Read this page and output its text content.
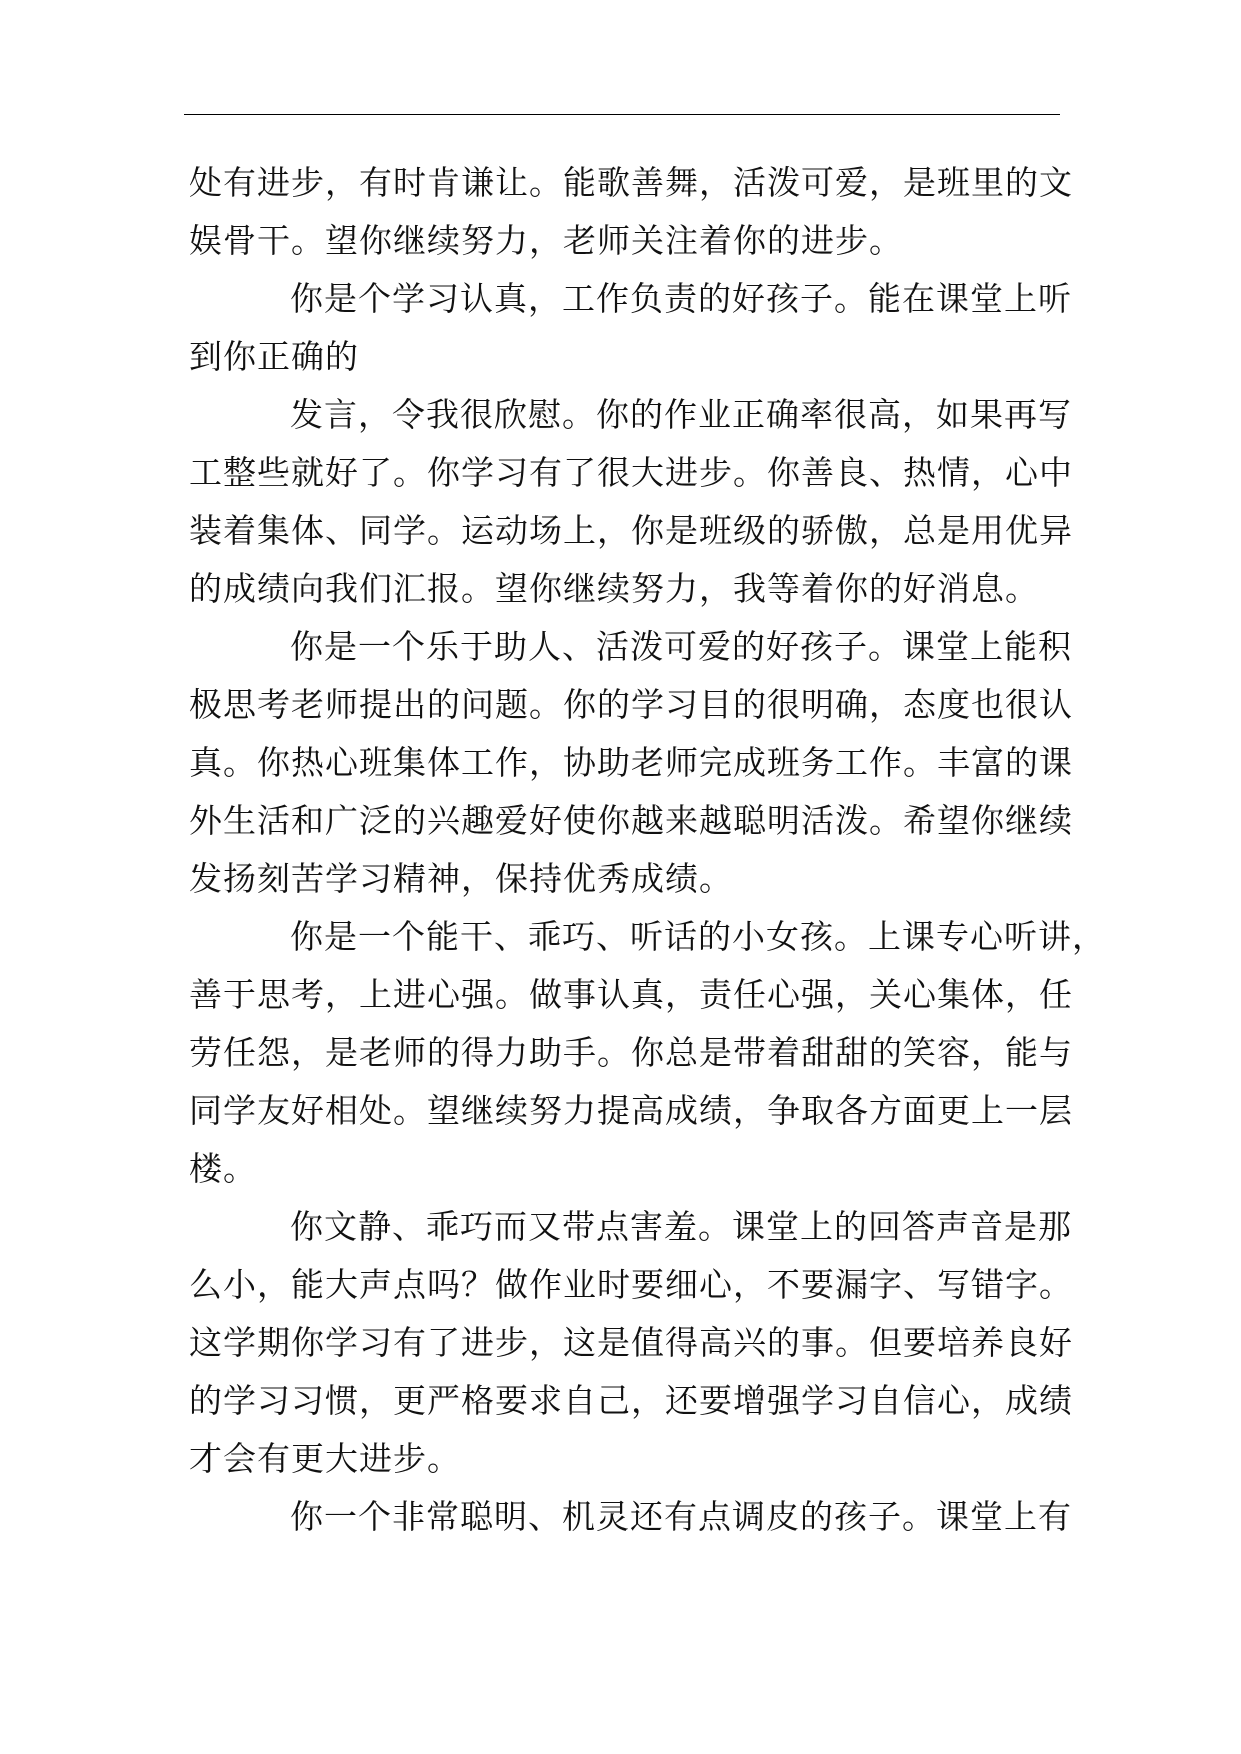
处有进步，有时肯谦让。能歌善舞，活泼可爱，是班里的文
娱骨干。望你继续努力，老师关注着你的进步。
你是个学习认真，工作负责的好孩子。能在课堂上听
到你正确的
发言，令我很欣慰。你的作业正确率很高，如果再写
工整些就好了。你学习有了很大进步。你善良、热情，心中
装着集体、同学。运动场上，你是班级的骄傲，总是用优异
的成绩向我们汇报。望你继续努力，我等着你的好消息。
你是一个乐于助人、活泼可爱的好孩子。课堂上能积
极思考老师提出的问题。你的学习目的很明确，态度也很认
真。你热心班集体工作，协助老师完成班务工作。丰富的课
外生活和广泛的兴趣爱好使你越来越聪明活泼。希望你继续
发扬刻苦学习精神，保持优秀成绩。
你是一个能干、乖巧、听话的小女孩。上课专心听讲，
善于思考，上进心强。做事认真，责任心强，关心集体，任
劳任怨，是老师的得力助手。你总是带着甜甜的笑容，能与
同学友好相处。望继续努力提高成绩，争取各方面更上一层
楼。
你文静、乖巧而又带点害羞。课堂上的回答声音是那
么小，能大声点吗？做作业时要细心，不要漏字、写错字。
这学期你学习有了进步，这是值得高兴的事。但要培养良好
的学习习惯，更严格要求自己，还要增强学习自信心，成绩
才会有更大进步。
你一个非常聪明、机灵还有点调皮的孩子。课堂上有
